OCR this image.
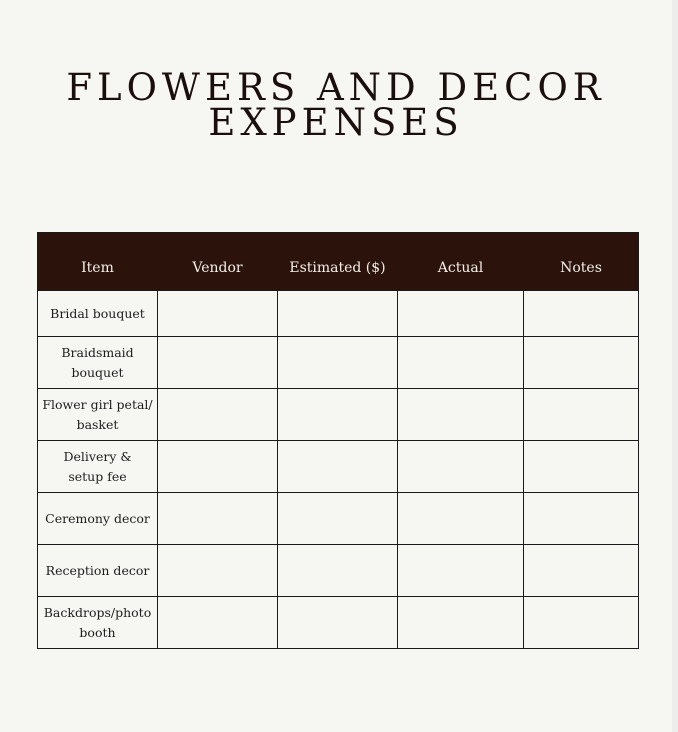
FLOWERS AND DECOR
EXPENSES
Item	Vendor	Estimated ($)	Actual	Notes

Bridal bouquet				

Braidsmaid
bouquet				

Flower girl petal/
basket				

Delivery &
setup fee				

Ceremony decor				

Reception decor				

Backdrops/photo
booth				
